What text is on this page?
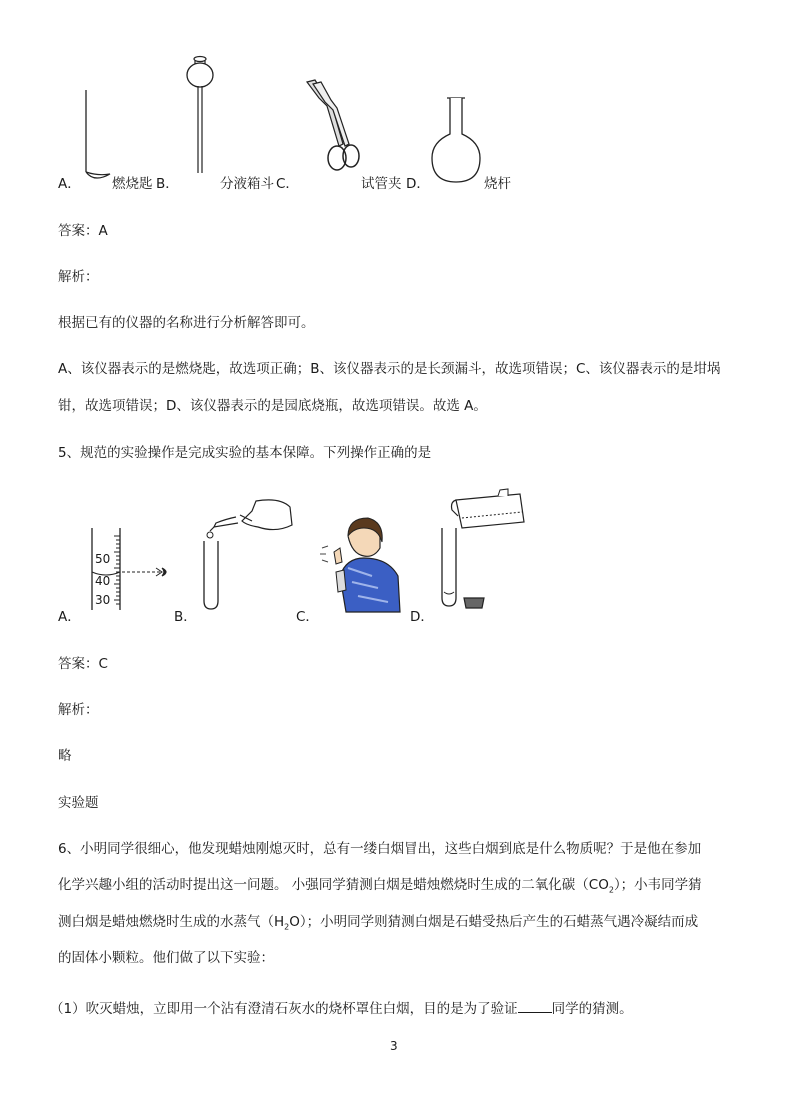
A． 燃烧匙 B．	分液箱斗 C．	试管夹 D．	烧杆
答案：A
解析：
根据已有的仪器的名称进行分析解答即可。
A、该仪器表示的是燃烧匙，故选项正确；B、该仪器表示的是长颈漏斗，故选项错误；C、该仪器表示的是坩埚
钳，故选项错误；D、该仪器表示的是园底烧瓶，故选项错误。故选 A。
5、规范的实验操作是完成实验的基本保障。下列操作正确的是
50
40
30
A．	B．	C．	D．
答案：C
解析：
略
实验题
6、小明同学很细心，他发现蜡烛刚熄灭时，总有一缕白烟冒出，这些白烟到底是什么物质呢？于是他在参加
化学兴趣小组的活动时提出这一问题。 小强同学猜测白烟是蜡烛燃烧时生成的二氧化碳$(CO_2)$；小韦同学猜
测白烟是蜡烛燃烧时生成的水蒸气$(H_2O)$；小明同学则猜测白烟是石蜡受热后产生的石蜡蒸气遇冷凝结而成
的固体小颗粒。他们做了以下实验：
（1）吹灭蜡烛，立即用一个沾有澄清石灰水的烧杯罩住白烟，目的是为了验证	同学的猜测。
3
